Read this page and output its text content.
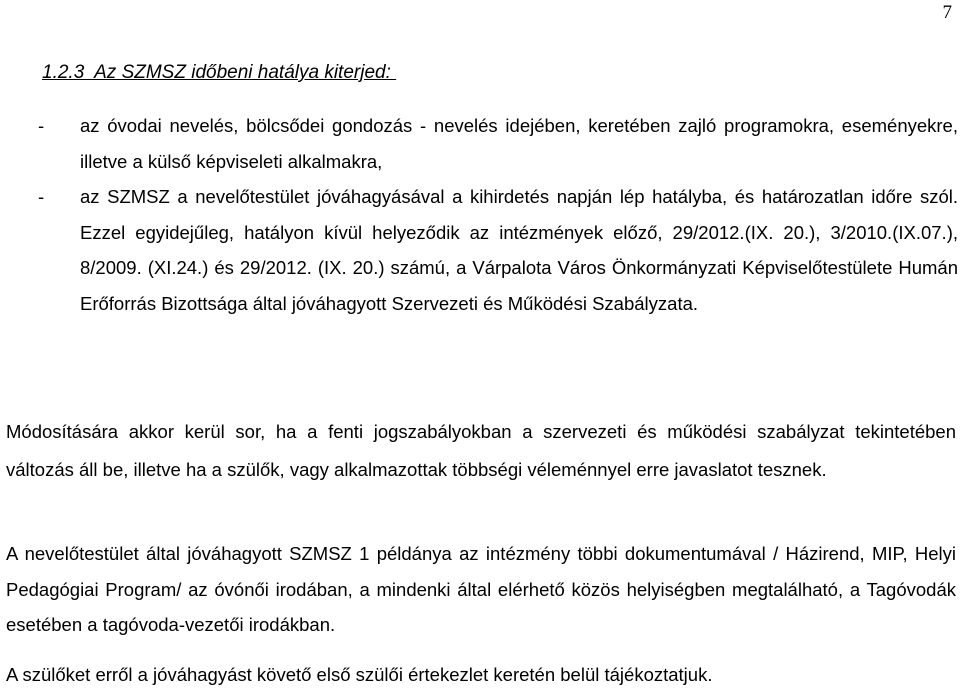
7
1.2.3  Az SZMSZ időbeni hatálya kiterjed:
- az óvodai nevelés, bölcsődei gondozás - nevelés idejében, keretében zajló programokra, eseményekre, illetve a külső képviseleti alkalmakra,
- az SZMSZ a nevelőtestület jóváhagyásával a kihirdetés napján lép hatályba, és határozatlan időre szól. Ezzel egyidejűleg, hatályon kívül helyeződik az intézmények előző, 29/2012.(IX. 20.), 3/2010.(IX.07.), 8/2009. (XI.24.) és 29/2012. (IX. 20.) számú, a Várpalota Város Önkormányzati Képviselőtestülete Humán Erőforrás Bizottsága által jóváhagyott Szervezeti és Működési Szabályzata.

Módosítására akkor kerül sor, ha a fenti jogszabályokban a szervezeti és működési szabályzat tekintetében változás áll be, illetve ha a szülők, vagy alkalmazottak többségi véleménnyel erre javaslatot tesznek.

A nevelőtestület által jóváhagyott SZMSZ 1 példánya az intézmény többi dokumentumával / Házirend, MIP, Helyi Pedagógiai Program/ az óvónői irodában, a mindenki által elérhető közös helyiségben megtalálható, a Tagóvodák esetében a tagóvoda-vezetői irodákban.

A szülőket erről a jóváhagyást követő első szülői értekezlet keretén belül tájékoztatjuk.
